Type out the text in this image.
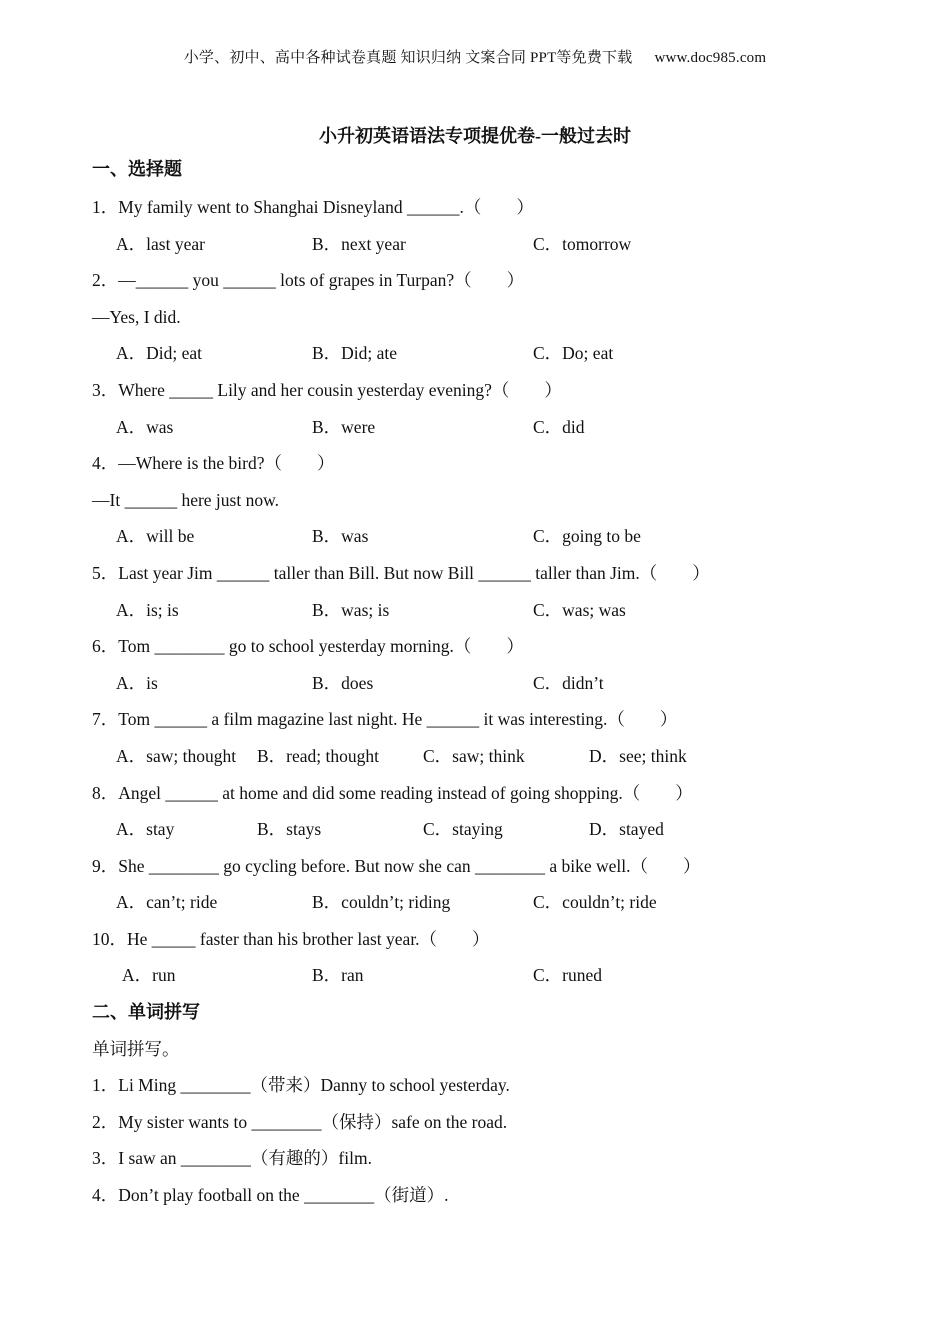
小学、初中、高中各种试卷真题 知识归纳 文案合同 PPT等免费下载 www.doc985.com
小升初英语语法专项提优卷-一般过去时
一、选择题
1．My family went to Shanghai Disneyland ______.（　　）
A．last year	B．next year	C．tomorrow
2．—______ you ______ lots of grapes in Turpan?（　　）
—Yes, I did.
A．Did; eat	B．Did; ate	C．Do; eat
3．Where _____ Lily and her cousin yesterday evening?（　　）
A．was	B．were	C．did
4．—Where is the bird?（　　）
—It ______ here just now.
A．will be	B．was	C．going to be
5．Last year Jim ______ taller than Bill. But now Bill ______ taller than Jim.（　　）
A．is; is	B．was; is	C．was; was
6．Tom ________ go to school yesterday morning.（　　）
A．is	B．does	C．didn’t
7．Tom ______ a film magazine last night. He ______ it was interesting.（　　）
A．saw; thought B．read; thought	C．saw; think	D．see; think
8．Angel ______ at home and did some reading instead of going shopping.（　　）
A．stay	B．stays	C．staying	D．stayed
9．She ________ go cycling before. But now she can ________ a bike well.（　　）
A．can’t; ride	B．couldn’t; riding	C．couldn’t; ride
10．He _____ faster than his brother last year.（　　）
A．run	B．ran	C．runed
二、单词拼写
单词拼写。
1．Li Ming ________（带来）Danny to school yesterday.
2．My sister wants to ________（保持）safe on the road.
3．I saw an ________（有趣的）film.
4．Don’t play football on the ________（街道）.
